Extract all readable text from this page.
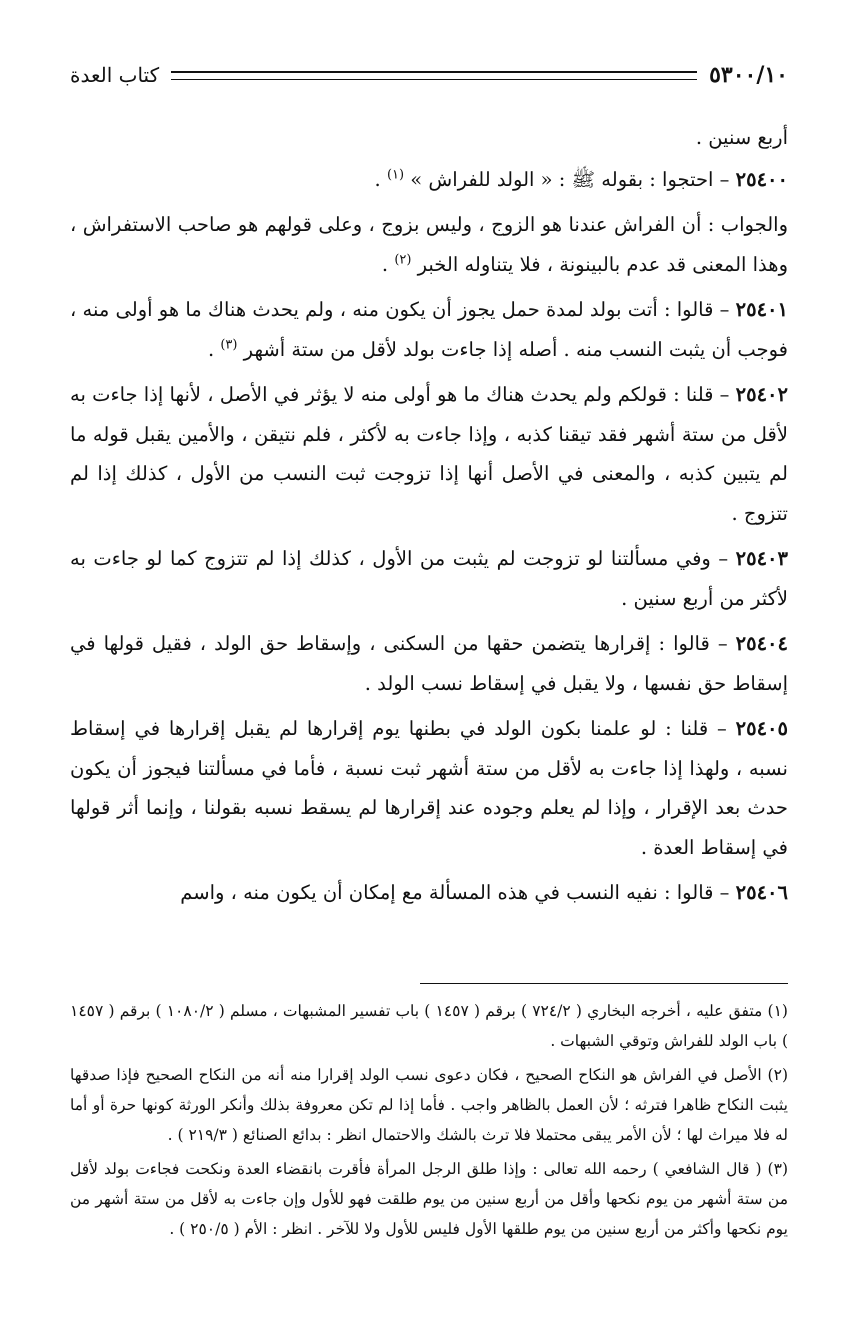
٥٣٠٠/١٠
كتاب العدة

أربع سنين .

٢٥٤٠٠ – احتجوا : بقوله ﷺ : « الولد للفراش » $^{(١)}$ .

والجواب : أن الفراش عندنا هو الزوج ، وليس بزوج ، وعلى قولهم هو صاحب الاستفراش ، وهذا المعنى قد عدم بالبينونة ، فلا يتناوله الخبر $^{(٢)}$ .

٢٥٤٠١ – قالوا : أتت بولد لمدة حمل يجوز أن يكون منه ، ولم يحدث هناك ما هو أولى منه ، فوجب أن يثبت النسب منه . أصله إذا جاءت بولد لأقل من ستة أشهر $^{(٣)}$ .

٢٥٤٠٢ – قلنا : قولكم ولم يحدث هناك ما هو أولى منه لا يؤثر في الأصل ، لأنها إذا جاءت به لأقل من ستة أشهر فقد تيقنا كذبه ، وإذا جاءت به لأكثر ، فلم نتيقن ، والأمين يقبل قوله ما لم يتبين كذبه ، والمعنى في الأصل أنها إذا تزوجت ثبت النسب من الأول ، كذلك إذا لم تتزوج .

٢٥٤٠٣ – وفي مسألتنا لو تزوجت لم يثبت من الأول ، كذلك إذا لم تتزوج كما لو جاءت به لأكثر من أربع سنين .

٢٥٤٠٤ – قالوا : إقرارها يتضمن حقها من السكنى ، وإسقاط حق الولد ، فقيل قولها في إسقاط حق نفسها ، ولا يقبل في إسقاط نسب الولد .

٢٥٤٠٥ – قلنا : لو علمنا بكون الولد في بطنها يوم إقرارها لم يقبل إقرارها في إسقاط نسبه ، ولهذا إذا جاءت به لأقل من ستة أشهر ثبت نسبة ، فأما في مسألتنا فيجوز أن يكون حدث بعد الإقرار ، وإذا لم يعلم وجوده عند إقرارها لم يسقط نسبه بقولنا ، وإنما أثر قولها في إسقاط العدة .

٢٥٤٠٦ – قالوا : نفيه النسب في هذه المسألة مع إمكان أن يكون منه ، واسم

(١) متفق عليه ، أخرجه البخاري ( ٧٢٤/٢ ) برقم ( ١٤٥٧ ) باب تفسير المشبهات ، مسلم ( ١٠٨٠/٢ ) برقم ( ١٤٥٧ ) باب الولد للفراش وتوقي الشبهات .

(٢) الأصل في الفراش هو النكاح الصحيح ، فكان دعوى نسب الولد إقرارا منه أنه من النكاح الصحيح فإذا صدقها يثبت النكاح ظاهرا فترثه ؛ لأن العمل بالظاهر واجب . فأما إذا لم تكن معروفة بذلك وأنكر الورثة كونها حرة أو أما له فلا ميراث لها ؛ لأن الأمر يبقى محتملا فلا ترث بالشك والاحتمال انظر : بدائع الصنائع ( ٢١٩/٣ ) .

(٣) ( قال الشافعي ) رحمه الله تعالى : وإذا طلق الرجل المرأة فأقرت بانقضاء العدة ونكحت فجاءت بولد لأقل من ستة أشهر من يوم نكحها وأقل من أربع سنين من يوم طلقت فهو للأول وإن جاءت به لأقل من ستة أشهر من يوم نكحها وأكثر من أربع سنين من يوم طلقها الأول فليس للأول ولا للآخر . انظر : الأم ( ٢٥٠/٥ ) .
